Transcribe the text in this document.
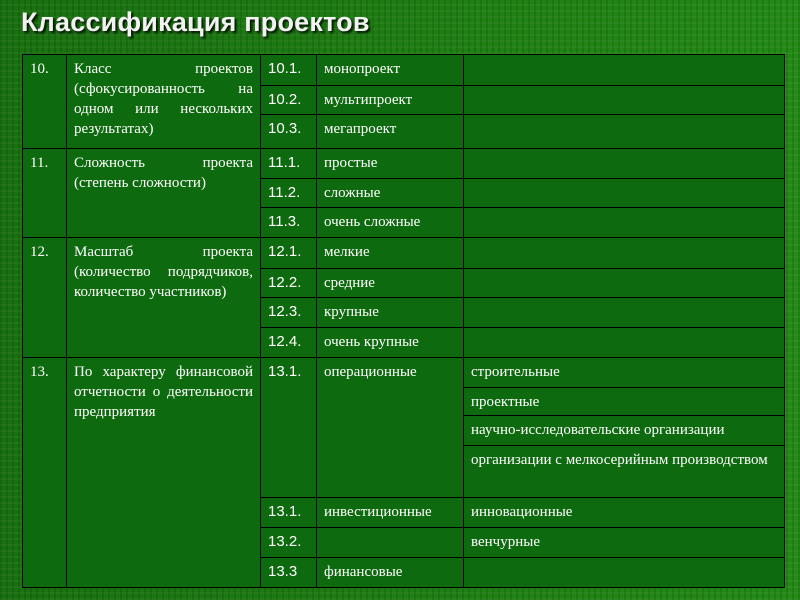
Классификация проектов
10.	Класс проектов (сфокусированность на одном или нескольких результатах)	10.1.	монопроект	
		10.2.	мультипроект	
		10.3.	мегапроект	
11.	Сложность проекта (степень сложности)	11.1.	простые	
		11.2.	сложные	
		11.3.	очень сложные	
12.	Масштаб проекта (количество подрядчиков, количество участников)	12.1.	мелкие	
		12.2.	средние	
		12.3.	крупные	
		12.4.	очень крупные	
13.	По характеру финансовой отчетности о деятельности предприятия	13.1.	операционные	строительные
				проектные
				научно-исследовательские организации
				организации с мелкосерийным производством
		13.1.	инвестиционные	инновационные
		13.2.		венчурные
		13.3	финансовые	
